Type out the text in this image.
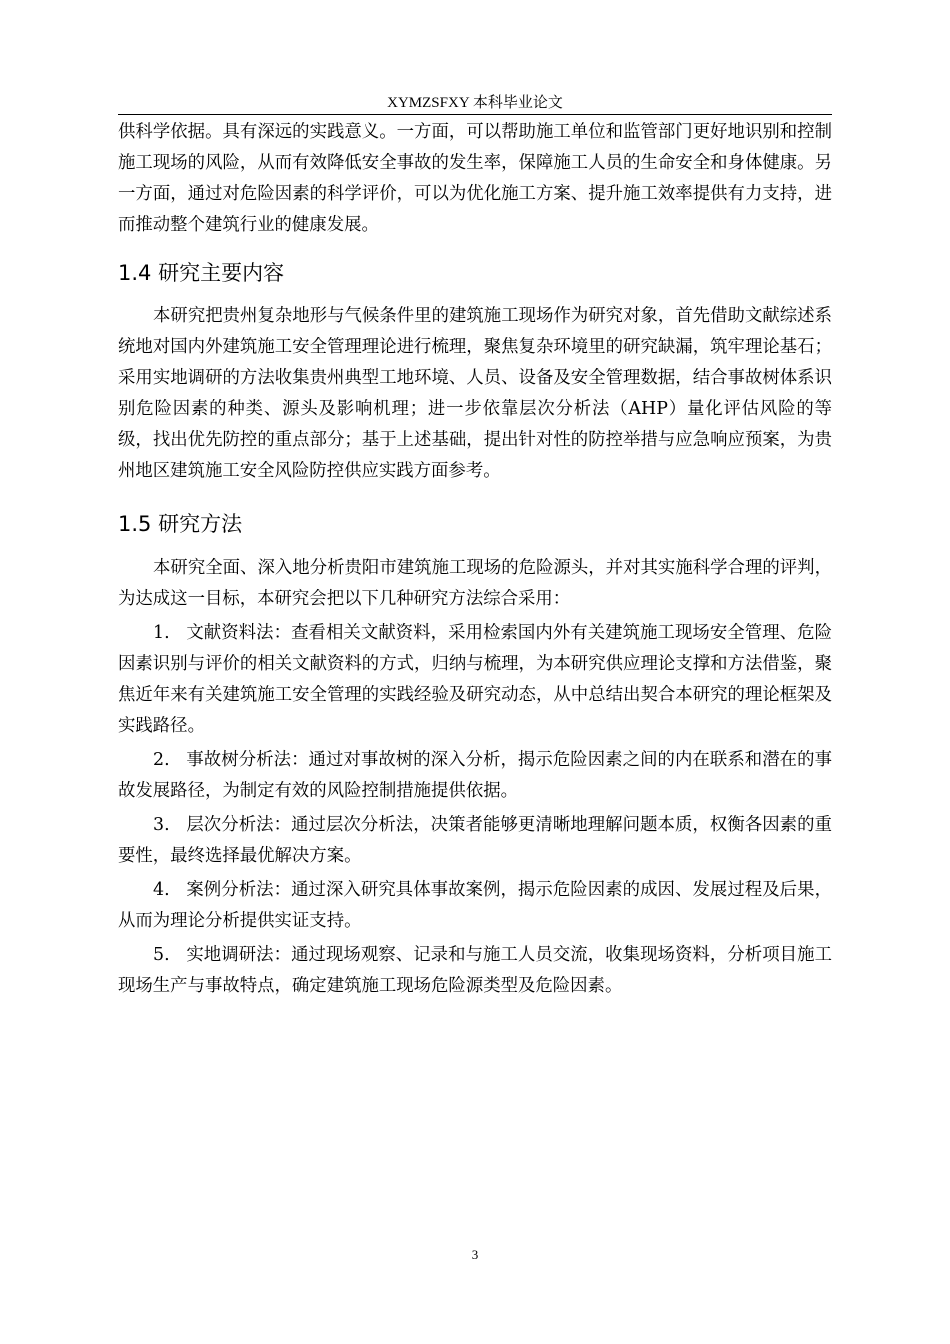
XYMZSFXY 本科毕业论文

供科学依据。具有深远的实践意义。一方面，可以帮助施工单位和监管部门更好地识别和控制施工现场的风险，从而有效降低安全事故的发生率，保障施工人员的生命安全和身体健康。另一方面，通过对危险因素的科学评价，可以为优化施工方案、提升施工效率提供有力支持，进而推动整个建筑行业的健康发展。

1.4 研究主要内容

本研究把贵州复杂地形与气候条件里的建筑施工现场作为研究对象，首先借助文献综述系统地对国内外建筑施工安全管理理论进行梳理，聚焦复杂环境里的研究缺漏，筑牢理论基石；采用实地调研的方法收集贵州典型工地环境、人员、设备及安全管理数据，结合事故树体系识别危险因素的种类、源头及影响机理；进一步依靠层次分析法（AHP）量化评估风险的等级，找出优先防控的重点部分；基于上述基础，提出针对性的防控举措与应急响应预案，为贵州地区建筑施工安全风险防控供应实践方面参考。

1.5 研究方法

本研究全面、深入地分析贵阳市建筑施工现场的危险源头，并对其实施科学合理的评判，为达成这一目标，本研究会把以下几种研究方法综合采用：

1. 文献资料法：查看相关文献资料，采用检索国内外有关建筑施工现场安全管理、危险因素识别与评价的相关文献资料的方式，归纳与梳理，为本研究供应理论支撑和方法借鉴，聚焦近年来有关建筑施工安全管理的实践经验及研究动态，从中总结出契合本研究的理论框架及实践路径。

2. 事故树分析法：通过对事故树的深入分析，揭示危险因素之间的内在联系和潜在的事故发展路径，为制定有效的风险控制措施提供依据。

3. 层次分析法：通过层次分析法，决策者能够更清晰地理解问题本质，权衡各因素的重要性，最终选择最优解决方案。

4. 案例分析法：通过深入研究具体事故案例，揭示危险因素的成因、发展过程及后果，从而为理论分析提供实证支持。

5. 实地调研法：通过现场观察、记录和与施工人员交流，收集现场资料，分析项目施工现场生产与事故特点，确定建筑施工现场危险源类型及危险因素。

3
